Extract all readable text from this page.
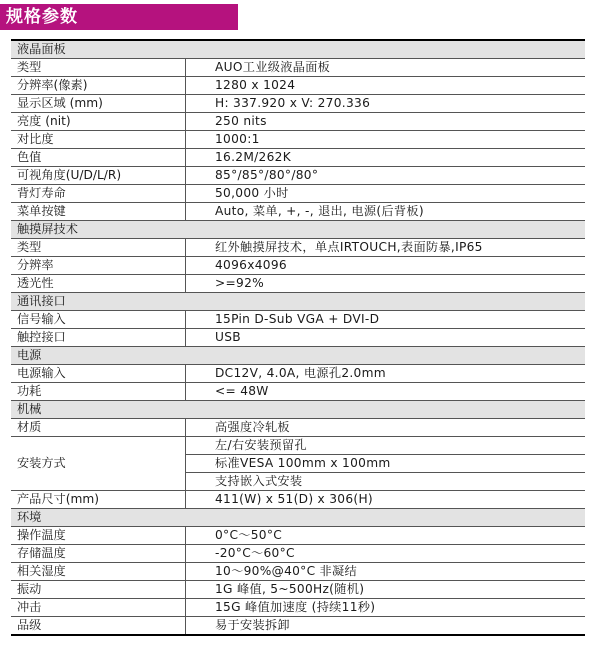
规格参数
液晶面板	
类型	AUO工业级液晶面板
分辨率(像素)	1280 x 1024
显示区域 (mm)	H: 337.920 x V: 270.336
亮度 (nit)	250 nits
对比度	1000:1
色值	16.2M/262K
可视角度(U/D/L/R)	85°/85°/80°/80°
背灯寿命	50,000 小时
菜单按键	Auto, 菜单, +, -, 退出, 电源(后背板)
触摸屏技术	
类型	红外触摸屏技术，单点IRTOUCH,表面防暴,IP65
分辨率	4096x4096
透光性	>=92%
通讯接口	
信号输入	15Pin D-Sub VGA + DVI-D
触控接口	USB
电源	
电源输入	DC12V, 4.0A, 电源孔2.0mm
功耗	<= 48W
机械	
材质	高强度冷轧板
安装方式	左/右安装预留孔
	标准VESA 100mm x 100mm
	支持嵌入式安装
产品尺寸(mm)	411(W) x 51(D) x 306(H)
环境	
操作温度	0°C～50°C
存储温度	-20°C～60°C
相关湿度	10～90%@40°C 非凝结
振动	1G 峰值, 5~500Hz(随机)
冲击	15G 峰值加速度 (持续11秒)
品级	易于安装拆卸
